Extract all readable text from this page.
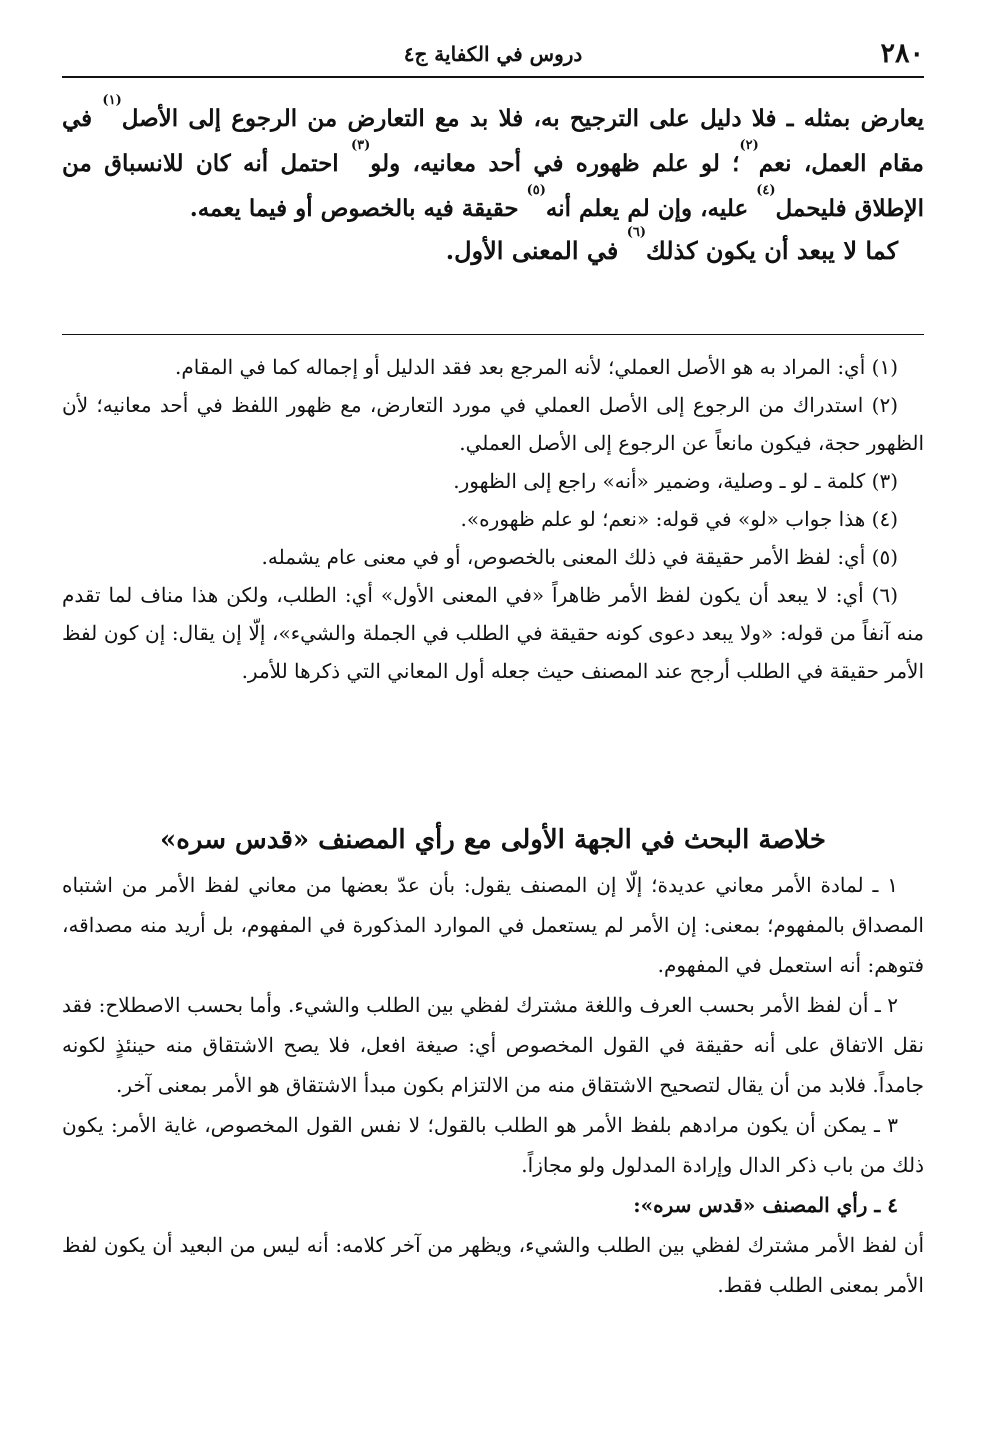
٢٨٠
دروس في الكفاية ج٤

يعارض بمثله ـ فلا دليل على الترجيح به، فلا بد مع التعارض من الرجوع إلى الأصل$^{(١)}$ في مقام العمل، نعم$^{(٢)}$؛ لو علم ظهوره في أحد معانيه، ولو$^{(٣)}$ احتمل أنه كان للانسباق من الإطلاق فليحمل$^{(٤)}$ عليه، وإن لم يعلم أنه$^{(٥)}$ حقيقة فيه بالخصوص أو فيما يعمه.

كما لا يبعد أن يكون كذلك$^{(٦)}$ في المعنى الأول.

(١) أي: المراد به هو الأصل العملي؛ لأنه المرجع بعد فقد الدليل أو إجماله كما في المقام.

(٢) استدراك من الرجوع إلى الأصل العملي في مورد التعارض، مع ظهور اللفظ في أحد معانيه؛ لأن الظهور حجة، فيكون مانعاً عن الرجوع إلى الأصل العملي.

(٣) كلمة ـ لو ـ وصلية، وضمير «أنه» راجع إلى الظهور.

(٤) هذا جواب «لو» في قوله: «نعم؛ لو علم ظهوره».

(٥) أي: لفظ الأمر حقيقة في ذلك المعنى بالخصوص، أو في معنى عام يشمله.

(٦) أي: لا يبعد أن يكون لفظ الأمر ظاهراً «في المعنى الأول» أي: الطلب، ولكن هذا مناف لما تقدم منه آنفاً من قوله: «ولا يبعد دعوى كونه حقيقة في الطلب في الجملة والشيء»، إلّا إن يقال: إن كون لفظ الأمر حقيقة في الطلب أرجح عند المصنف حيث جعله أول المعاني التي ذكرها للأمر.

خلاصة البحث في الجهة الأولى مع رأي المصنف «قدس سره»

١ ـ لمادة الأمر معاني عديدة؛ إلّا إن المصنف يقول: بأن عدّ بعضها من معاني لفظ الأمر من اشتباه المصداق بالمفهوم؛ بمعنى: إن الأمر لم يستعمل في الموارد المذكورة في المفهوم، بل أريد منه مصداقه، فتوهم: أنه استعمل في المفهوم.

٢ ـ أن لفظ الأمر بحسب العرف واللغة مشترك لفظي بين الطلب والشيء. وأما بحسب الاصطلاح: فقد نقل الاتفاق على أنه حقيقة في القول المخصوص أي: صيغة افعل، فلا يصح الاشتقاق منه حينئذٍ لكونه جامداً. فلابد من أن يقال لتصحيح الاشتقاق منه من الالتزام بكون مبدأ الاشتقاق هو الأمر بمعنى آخر.

٣ ـ يمكن أن يكون مرادهم بلفظ الأمر هو الطلب بالقول؛ لا نفس القول المخصوص، غاية الأمر: يكون ذلك من باب ذكر الدال وإرادة المدلول ولو مجازاً.

٤ ـ رأي المصنف «قدس سره»:

أن لفظ الأمر مشترك لفظي بين الطلب والشيء، ويظهر من آخر كلامه: أنه ليس من البعيد أن يكون لفظ الأمر بمعنى الطلب فقط.
